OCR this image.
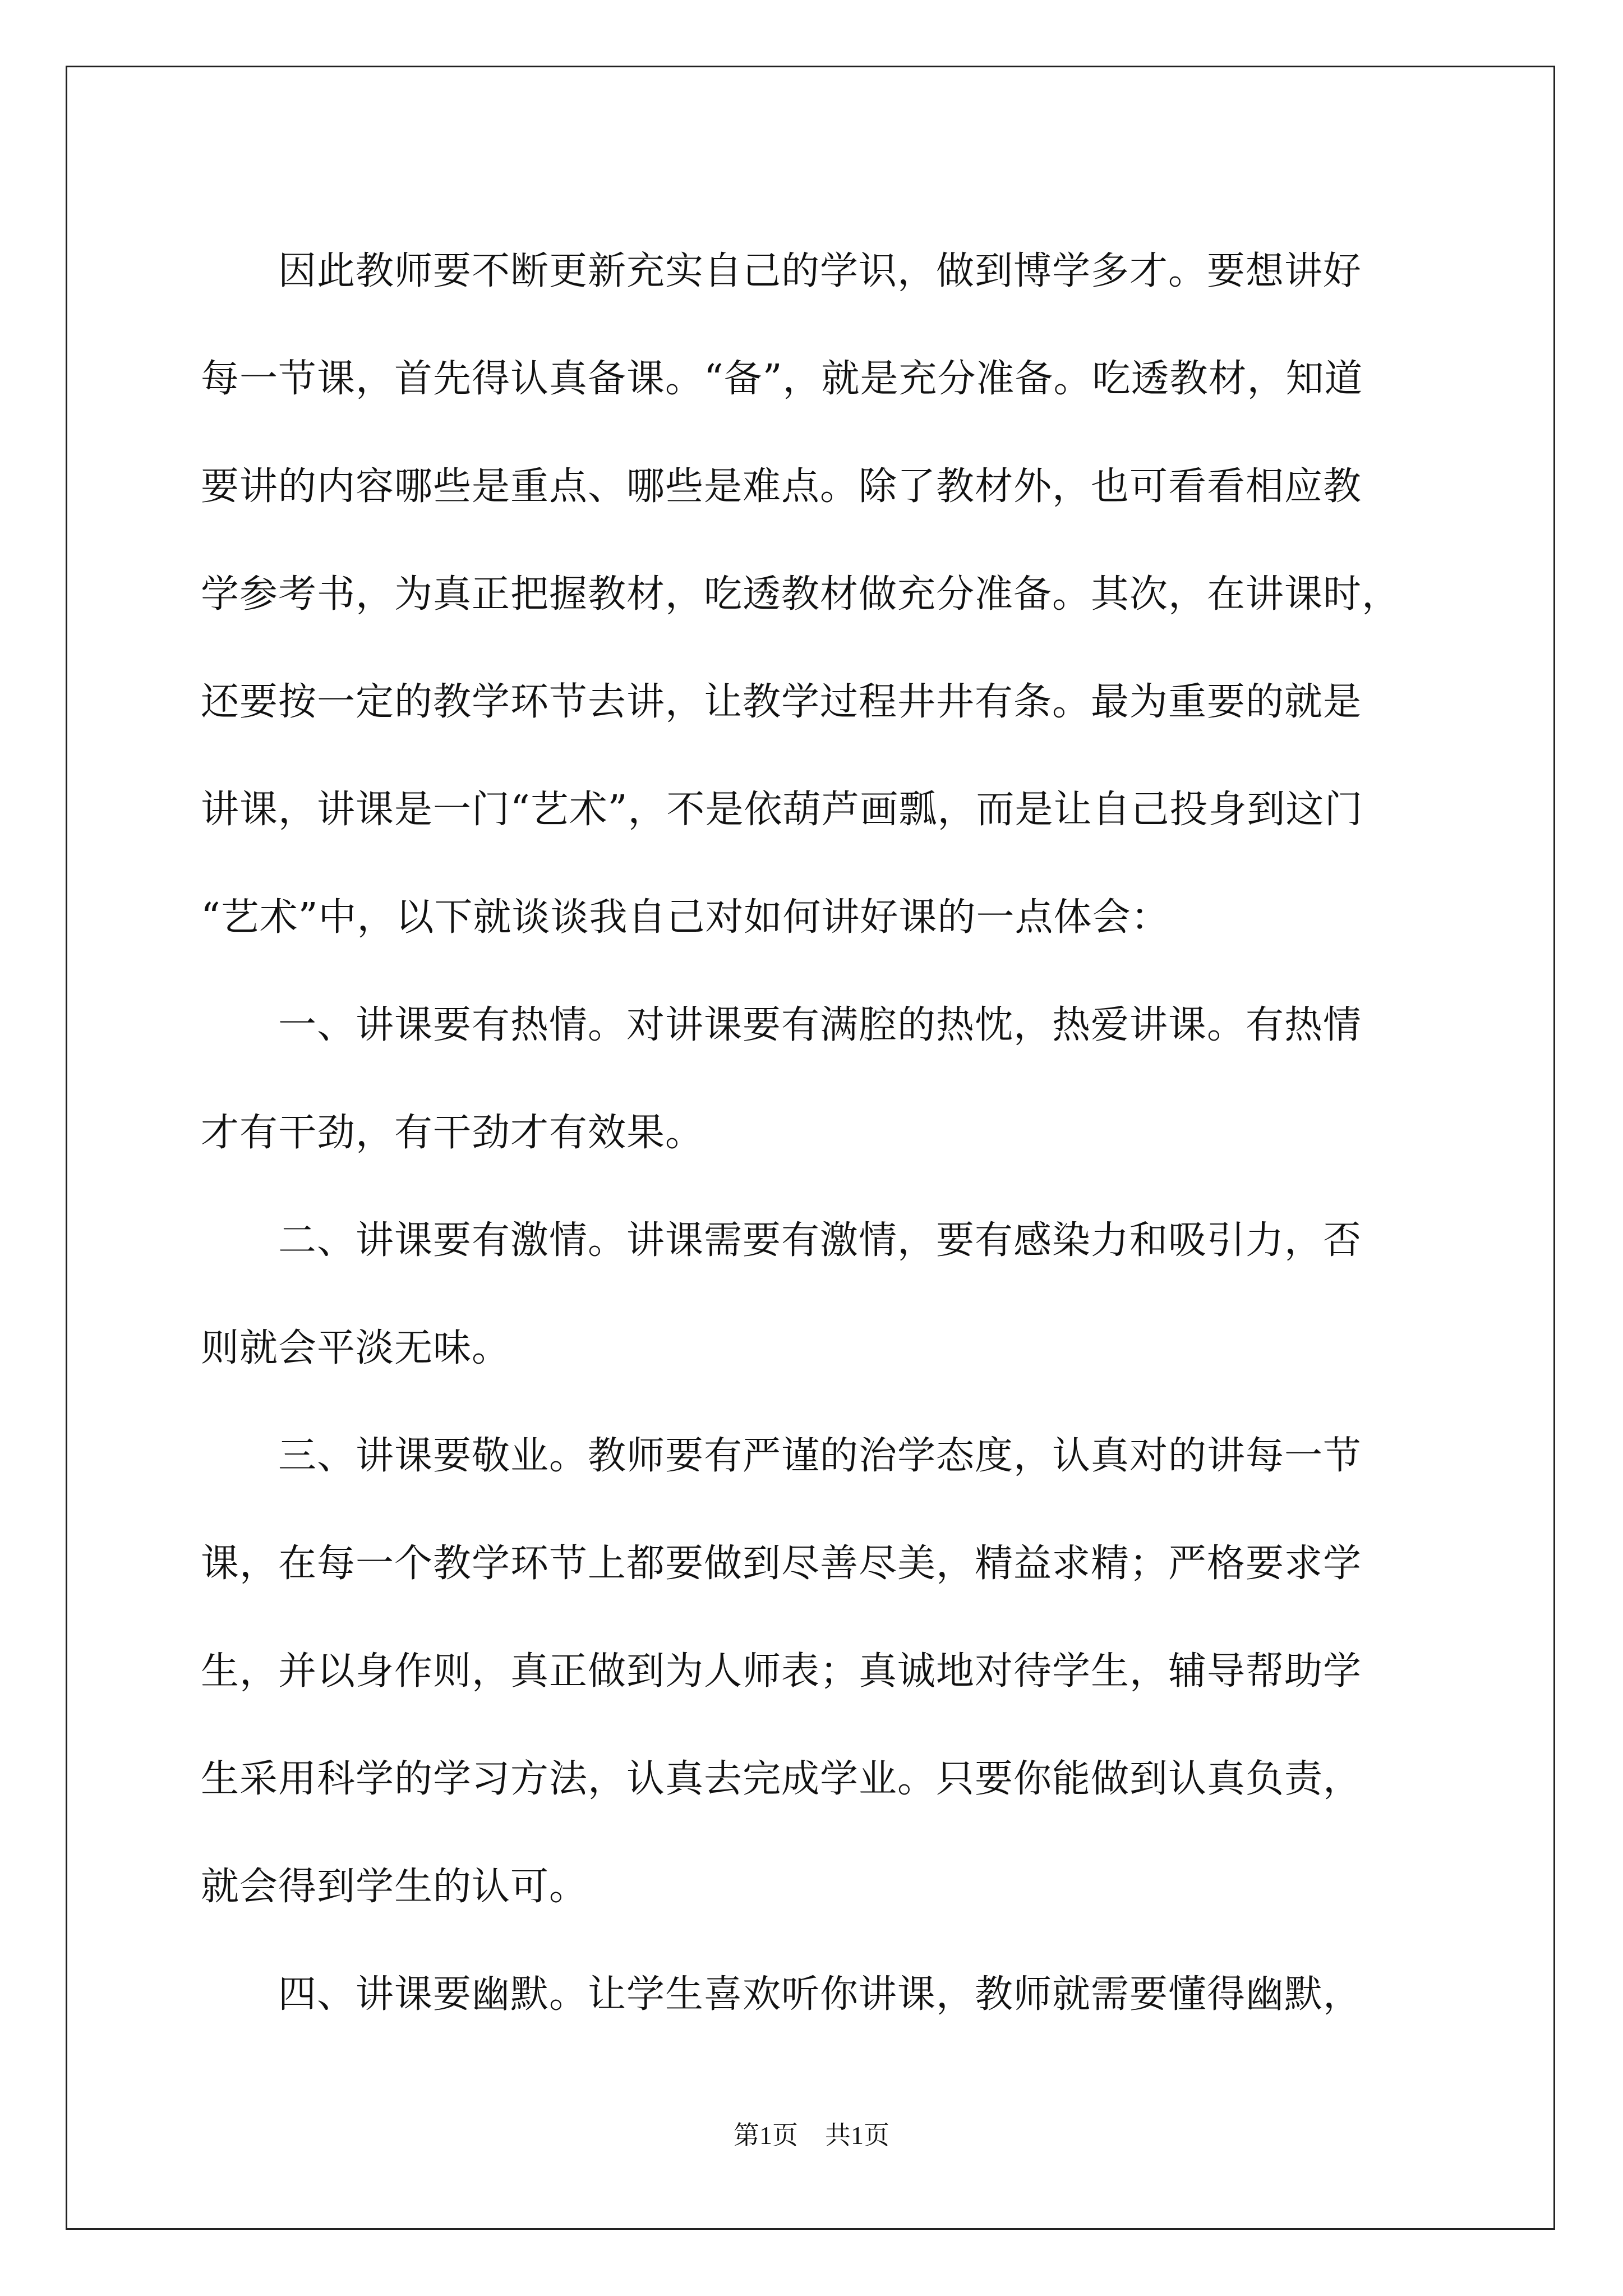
　　因此教师要不断更新充实自己的学识，做到博学多才。要想讲好
每一节课，首先得认真备课。“备”，就是充分准备。吃透教材，知道
要讲的内容哪些是重点、哪些是难点。除了教材外，也可看看相应教
学参考书，为真正把握教材，吃透教材做充分准备。其次，在讲课时，
还要按一定的教学环节去讲，让教学过程井井有条。最为重要的就是
讲课，讲课是一门“艺术”，不是依葫芦画瓢，而是让自己投身到这门
“艺术”中，以下就谈谈我自己对如何讲好课的一点体会：
　　一、讲课要有热情。对讲课要有满腔的热忱，热爱讲课。有热情
才有干劲，有干劲才有效果。
　　二、讲课要有激情。讲课需要有激情，要有感染力和吸引力，否
则就会平淡无味。
　　三、讲课要敬业。教师要有严谨的治学态度，认真对的讲每一节
课，在每一个教学环节上都要做到尽善尽美，精益求精；严格要求学
生，并以身作则，真正做到为人师表；真诚地对待学生，辅导帮助学
生采用科学的学习方法，认真去完成学业。只要你能做到认真负责，
就会得到学生的认可。
　　四、讲课要幽默。让学生喜欢听你讲课，教师就需要懂得幽默，
第1页 共1页
